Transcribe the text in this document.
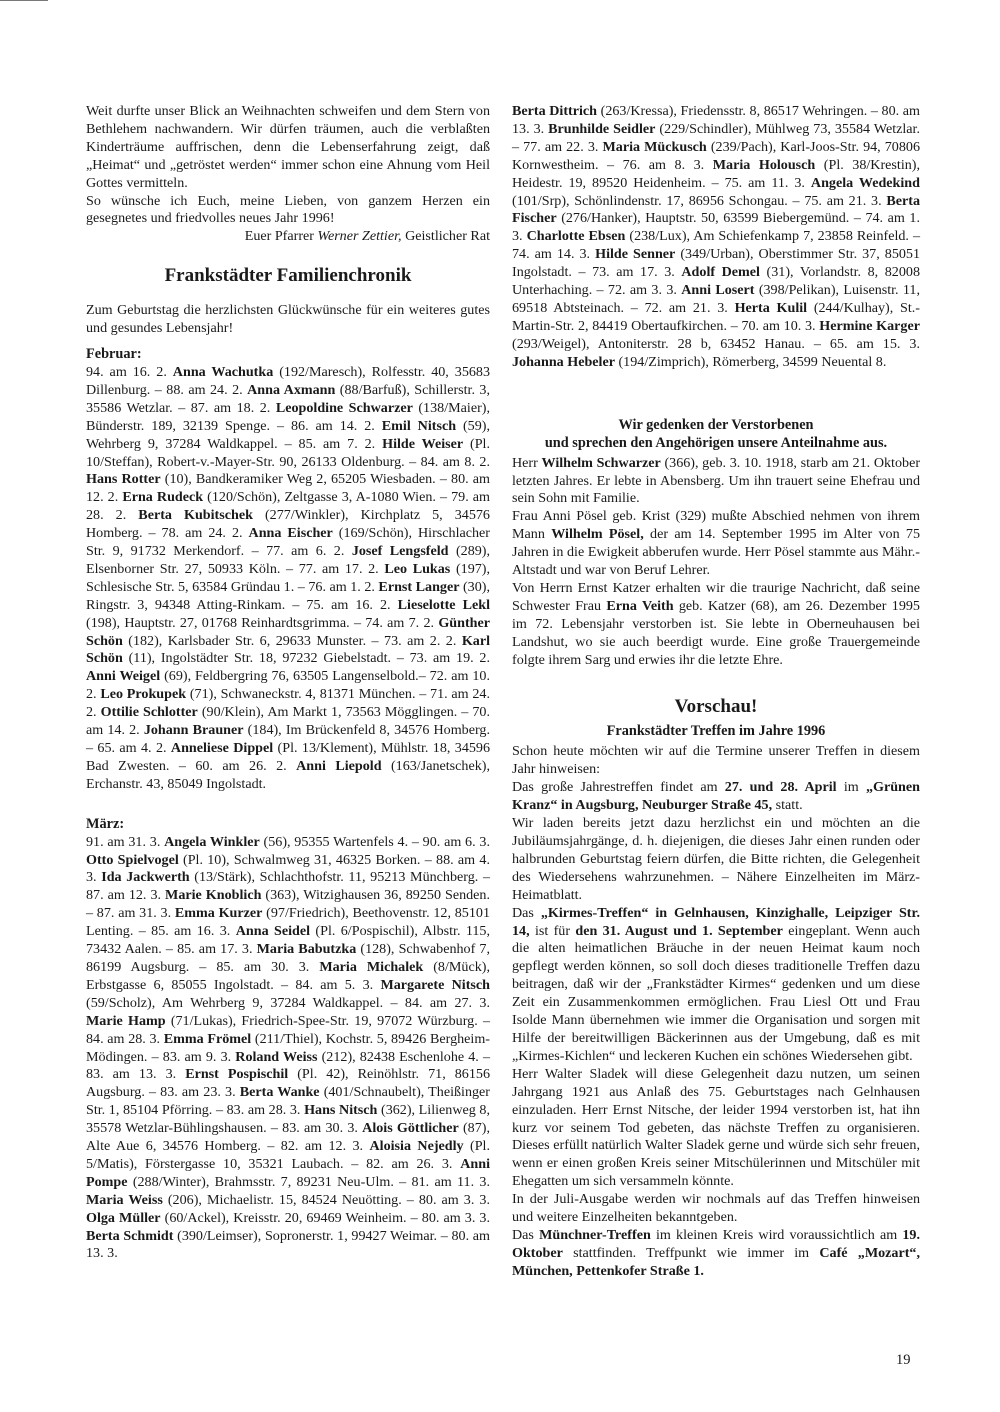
Weit durfte unser Blick an Weihnachten schweifen und dem Stern von Bethlehem nachwandern. Wir dürfen träumen, auch die verblaßten Kinderträume auffrischen, denn die Lebenserfahrung zeigt, daß „Heimat“ und „getröstet werden“ immer schon eine Ahnung vom Heil Gottes vermitteln.

So wünsche ich Euch, meine Lieben, von ganzem Herzen ein gesegnetes und friedvolles neues Jahr 1996!

Euer Pfarrer Werner Zettier, Geistlicher Rat

Frankstädter Familienchronik

Zum Geburtstag die herzlichsten Glückwünsche für ein weiteres gutes und gesundes Lebensjahr!

Februar:

94. am 16. 2. Anna Wachutka (192/Maresch), Rolfesstr. 40, 35683 Dillenburg. – 88. am 24. 2. Anna Axmann (88/Barfuß), Schillerstr. 3, 35586 Wetzlar. – 87. am 18. 2. Leopoldine Schwarzer (138/Maier), Bünderstr. 189, 32139 Spenge. – 86. am 14. 2. Emil Nitsch (59), Wehrberg 9, 37284 Waldkappel. – 85. am 7. 2. Hilde Weiser (Pl. 10/Steffan), Robert-v.-Mayer-Str. 90, 26133 Oldenburg. – 84. am 8. 2. Hans Rotter (10), Bandkeramiker Weg 2, 65205 Wiesbaden. – 80. am 12. 2. Erna Rudeck (120/Schön), Zeltgasse 3, A-1080 Wien. – 79. am 28. 2. Berta Kubitschek (277/Winkler), Kirchplatz 5, 34576 Homberg. – 78. am 24. 2. Anna Eischer (169/Schön), Hirschlacher Str. 9, 91732 Merkendorf. – 77. am 6. 2. Josef Lengsfeld (289), Elsenborner Str. 27, 50933 Köln. – 77. am 17. 2. Leo Lukas (197), Schlesische Str. 5, 63584 Gründau 1. – 76. am 1. 2. Ernst Langer (30), Ringstr. 3, 94348 Atting-Rinkam. – 75. am 16. 2. Lieselotte Lekl (198), Hauptstr. 27, 01768 Reinhardtsgrimma. – 74. am 7. 2. Günther Schön (182), Karlsbader Str. 6, 29633 Munster. – 73. am 2. 2. Karl Schön (11), Ingolstädter Str. 18, 97232 Giebelstadt. – 73. am 19. 2. Anni Weigel (69), Feldbergring 76, 63505 Langenselbold.– 72. am 10. 2. Leo Prokupek (71), Schwaneckstr. 4, 81371 München. – 71. am 24. 2. Ottilie Schlotter (90/Klein), Am Markt 1, 73563 Mögglingen. – 70. am 14. 2. Johann Brauner (184), Im Brückenfeld 8, 34576 Homberg. – 65. am 4. 2. Anneliese Dippel (Pl. 13/Klement), Mühlstr. 18, 34596 Bad Zwesten. – 60. am 26. 2. Anni Liepold (163/Janetschek), Erchanstr. 43, 85049 Ingolstadt.

März:

91. am 31. 3. Angela Winkler (56), 95355 Wartenfels 4. – 90. am 6. 3. Otto Spielvogel (Pl. 10), Schwalmweg 31, 46325 Borken. – 88. am 4. 3. Ida Jackwerth (13/Stärk), Schlachthofstr. 11, 95213 Münchberg. – 87. am 12. 3. Marie Knoblich (363), Witzighausen 36, 89250 Senden. – 87. am 31. 3. Emma Kurzer (97/Friedrich), Beethovenstr. 12, 85101 Lenting. – 85. am 16. 3. Anna Seidel (Pl. 6/Pospischil), Albstr. 115, 73432 Aalen. – 85. am 17. 3. Maria Babutzka (128), Schwabenhof 7, 86199 Augsburg. – 85. am 30. 3. Maria Michalek (8/Mück), Erbstgasse 6, 85055 Ingolstadt. – 84. am 5. 3. Margarete Nitsch (59/Scholz), Am Wehrberg 9, 37284 Waldkappel. – 84. am 27. 3. Marie Hamp (71/Lukas), Friedrich-Spee-Str. 19, 97072 Würzburg. – 84. am 28. 3. Emma Frömel (211/Thiel), Kochstr. 5, 89426 Bergheim-Mödingen. – 83. am 9. 3. Roland Weiss (212), 82438 Eschenlohe 4. – 83. am 13. 3. Ernst Pospischil (Pl. 42), Reinöhlstr. 71, 86156 Augsburg. – 83. am 23. 3. Berta Wanke (401/Schnaubelt), Theißinger Str. 1, 85104 Pförring. – 83. am 28. 3. Hans Nitsch (362), Lilienweg 8, 35578 Wetzlar-Bühlingshausen. – 83. am 30. 3. Alois Göttlicher (87), Alte Aue 6, 34576 Homberg. – 82. am 12. 3. Aloisia Nejedly (Pl. 5/Matis), Förstergasse 10, 35321 Laubach. – 82. am 26. 3. Anni Pompe (288/Winter), Brahmsstr. 7, 89231 Neu-Ulm. – 81. am 11. 3. Maria Weiss (206), Michaelistr. 15, 84524 Neuötting. – 80. am 3. 3. Olga Müller (60/Ackel), Kreisstr. 20, 69469 Weinheim. – 80. am 3. 3. Berta Schmidt (390/Leimser), Sopronerstr. 1, 99427 Weimar. – 80. am 13. 3.

Berta Dittrich (263/Kressa), Friedensstr. 8, 86517 Wehringen. – 80. am 13. 3. Brunhilde Seidler (229/Schindler), Mühlweg 73, 35584 Wetzlar. – 77. am 22. 3. Maria Mückusch (239/Pach), Karl-Joos-Str. 94, 70806 Kornwestheim. – 76. am 8. 3. Maria Holousch (Pl. 38/Krestin), Heidestr. 19, 89520 Heidenheim. – 75. am 11. 3. Angela Wedekind (101/Srp), Schönlindenstr. 17, 86956 Schongau. – 75. am 21. 3. Berta Fischer (276/Hanker), Hauptstr. 50, 63599 Biebergemünd. – 74. am 1. 3. Charlotte Ebsen (238/Lux), Am Schiefenkamp 7, 23858 Reinfeld. – 74. am 14. 3. Hilde Senner (349/Urban), Oberstimmer Str. 37, 85051 Ingolstadt. – 73. am 17. 3. Adolf Demel (31), Vorlandstr. 8, 82008 Unterhaching. – 72. am 3. 3. Anni Losert (398/Pelikan), Luisenstr. 11, 69518 Abtsteinach. – 72. am 21. 3. Herta Kulil (244/Kulhay), St.-Martin-Str. 2, 84419 Obertaufkirchen. – 70. am 10. 3. Hermine Karger (293/Weigel), Antoniterstr. 28 b, 63452 Hanau. – 65. am 15. 3. Johanna Hebeler (194/Zimprich), Römerberg, 34599 Neuental 8.

Wir gedenken der Verstorbenen
und sprechen den Angehörigen unsere Anteilnahme aus.

Herr Wilhelm Schwarzer (366), geb. 3. 10. 1918, starb am 21. Oktober letzten Jahres. Er lebte in Abensberg. Um ihn trauert seine Ehefrau und sein Sohn mit Familie.

Frau Anni Pösel geb. Krist (329) mußte Abschied nehmen von ihrem Mann Wilhelm Pösel, der am 14. September 1995 im Alter von 75 Jahren in die Ewigkeit abberufen wurde. Herr Pösel stammte aus Mähr.-Altstadt und war von Beruf Lehrer.

Von Herrn Ernst Katzer erhalten wir die traurige Nachricht, daß seine Schwester Frau Erna Veith geb. Katzer (68), am 26. Dezember 1995 im 72. Lebensjahr verstorben ist. Sie lebte in Oberneuhausen bei Landshut, wo sie auch beerdigt wurde. Eine große Trauergemeinde folgte ihrem Sarg und erwies ihr die letzte Ehre.

Vorschau!
Frankstädter Treffen im Jahre 1996

Schon heute möchten wir auf die Termine unserer Treffen in diesem Jahr hinweisen:

Das große Jahrestreffen findet am 27. und 28. April im „Grünen Kranz“ in Augsburg, Neuburger Straße 45, statt.

Wir laden bereits jetzt dazu herzlichst ein und möchten an die Jubiläumsjahrgänge, d. h. diejenigen, die dieses Jahr einen runden oder halbrunden Geburtstag feiern dürfen, die Bitte richten, die Gelegenheit des Wiedersehens wahrzunehmen. – Nähere Einzelheiten im März-Heimatblatt.

Das „Kirmes-Treffen“ in Gelnhausen, Kinzighalle, Leipziger Str. 14, ist für den 31. August und 1. September eingeplant. Wenn auch die alten heimatlichen Bräuche in der neuen Heimat kaum noch gepflegt werden können, so soll doch dieses traditionelle Treffen dazu beitragen, daß wir der „Frankstädter Kirmes“ gedenken und um diese Zeit ein Zusammenkommen ermöglichen. Frau Liesl Ott und Frau Isolde Mann übernehmen wie immer die Organisation und sorgen mit Hilfe der bereitwilligen Bäckerinnen aus der Umgebung, daß es mit „Kirmes-Kichlen“ und leckeren Kuchen ein schönes Wiedersehen gibt.

Herr Walter Sladek will diese Gelegenheit dazu nutzen, um seinen Jahrgang 1921 aus Anlaß des 75. Geburtstages nach Gelnhausen einzuladen. Herr Ernst Nitsche, der leider 1994 verstorben ist, hat ihn kurz vor seinem Tod gebeten, das nächste Treffen zu organisieren. Dieses erfüllt natürlich Walter Sladek gerne und würde sich sehr freuen, wenn er einen großen Kreis seiner Mitschülerinnen und Mitschüler mit Ehegatten um sich versammeln könnte.

In der Juli-Ausgabe werden wir nochmals auf das Treffen hinweisen und weitere Einzelheiten bekanntgeben.

Das Münchner-Treffen im kleinen Kreis wird voraussichtlich am 19. Oktober stattfinden. Treffpunkt wie immer im Café „Mozart“, München, Pettenkofer Straße 1.

19
